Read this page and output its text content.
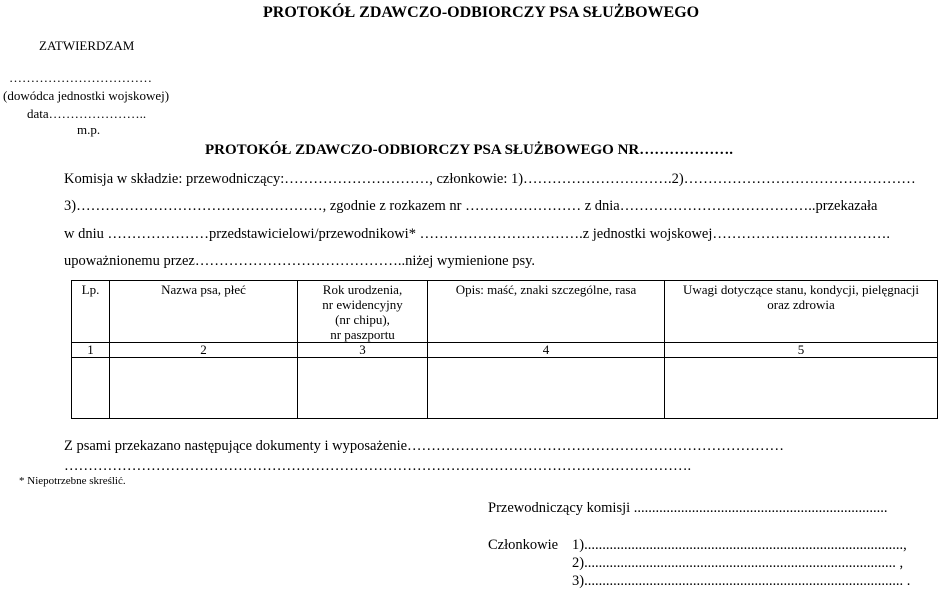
PROTOKÓŁ ZDAWCZO-ODBIORCZY PSA SŁUŻBOWEGO
ZATWIERDZAM
……………………………
(dowódca jednostki wojskowej)
data…………………..
m.p.
PROTOKÓŁ ZDAWCZO-ODBIORCZY PSA SŁUŻBOWEGO NR……………….
Komisja w składzie: przewodniczący:…………………………, członkowie: 1)………………………….2)…………………………………………
3)……………………………………………, zgodnie z rozkazem nr …………………… z dnia…………………………………..przekazała
w dniu …………………przedstawicielowi/przewodnikowi* …………………………….z jednostki wojskowej……………………………….
upoważnionemu przez……………………………………..niżej wymienione psy.
Lp.	Nazwa psa, płeć	Rok urodzenia,
nr ewidencyjny
(nr chipu),
nr paszportu	Opis: maść, znaki szczególne, rasa	Uwagi dotyczące stanu, kondycji, pielęgnacji
oraz zdrowia
1	2	3	4	5

Z psami przekazano następujące dokumenty i wyposażenie……………………………………………………………………
………………………………………………………………………………………………………………….
* Niepotrzebne skreślić.
Przewodniczący komisji ......................................................................
Członkowie 1)........................................................................................,
2)...................................................................................... ,
3)........................................................................................ .
